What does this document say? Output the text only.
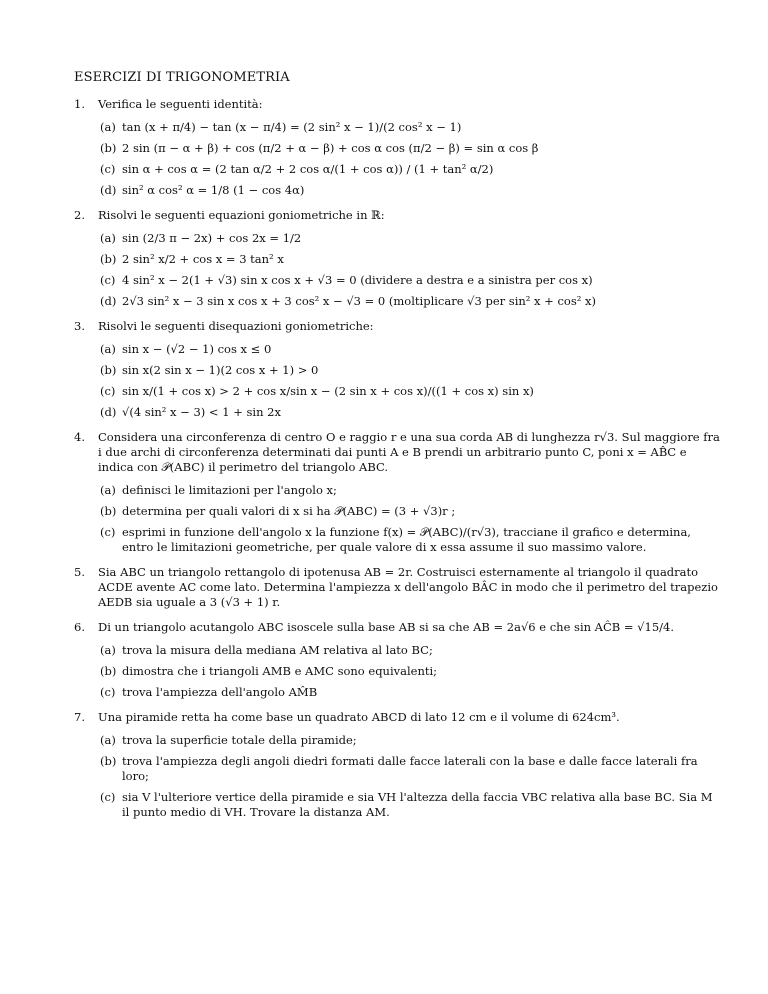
ESERCIZI DI TRIGONOMETRIA
1.	Verifica le seguenti identità:
(a) tan (x + π/4) − tan (x − π/4) = (2 sin² x − 1)/(2 cos² x − 1)
(b) 2 sin (π − α + β) + cos (π/2 + α − β) + cos α cos (π/2 − β) = sin α cos β
(c) sin α + cos α = (2 tan α/2 + 2 cos α/(1 + cos α)) / (1 + tan² α/2)
(d) sin² α cos² α = 1/8 (1 − cos 4α)
2.	Risolvi le seguenti equazioni goniometriche in ℝ:
(a) sin (2/3 π − 2x) + cos 2x = 1/2
(b) 2 sin² x/2 + cos x = 3 tan² x
(c) 4 sin² x − 2(1 + √3) sin x cos x + √3 = 0 (dividere a destra e a sinistra per cos x)
(d) 2√3 sin² x − 3 sin x cos x + 3 cos² x − √3 = 0 (moltiplicare √3 per sin² x + cos² x)
3.	Risolvi le seguenti disequazioni goniometriche:
(a) sin x − (√2 − 1) cos x ≤ 0
(b) sin x(2 sin x − 1)(2 cos x + 1) > 0
(c) sin x/(1 + cos x) > 2 + cos x/sin x − (2 sin x + cos x)/((1 + cos x) sin x)
(d) √(4 sin² x − 3) < 1 + sin 2x
4.	Considera una circonferenza di centro O e raggio r e una sua corda AB di lunghezza r√3. Sul maggiore fra i due archi di circonferenza determinati dai punti A e B prendi un arbitrario punto C, poni x = AB̂C e indica con 𝒫(ABC) il perimetro del triangolo ABC.
(a) definisci le limitazioni per l'angolo x;
(b) determina per quali valori di x si ha 𝒫(ABC) = (3 + √3)r ;
(c) esprimi in funzione dell'angolo x la funzione f(x) = 𝒫(ABC)/(r√3), tracciane il grafico e determina, entro le limitazioni geometriche, per quale valore di x essa assume il suo massimo valore.
5.	Sia ABC un triangolo rettangolo di ipotenusa AB = 2r. Costruisci esternamente al triangolo il quadrato ACDE avente AC come lato. Determina l'ampiezza x dell'angolo BÂC in modo che il perimetro del trapezio AEDB sia uguale a 3 (√3 + 1) r.
6.	Di un triangolo acutangolo ABC isoscele sulla base AB si sa che AB = 2a√6 e che sin AĈB = √15/4.
(a) trova la misura della mediana AM relativa al lato BC;
(b) dimostra che i triangoli AMB e AMC sono equivalenti;
(c) trova l'ampiezza dell'angolo AM̂B
7.	Una piramide retta ha come base un quadrato ABCD di lato 12 cm e il volume di 624cm³.
(a) trova la superficie totale della piramide;
(b) trova l'ampiezza degli angoli diedri formati dalle facce laterali con la base e dalle facce laterali fra loro;
(c) sia V l'ulteriore vertice della piramide e sia VH l'altezza della faccia VBC relativa alla base BC. Sia M il punto medio di VH. Trovare la distanza AM.
